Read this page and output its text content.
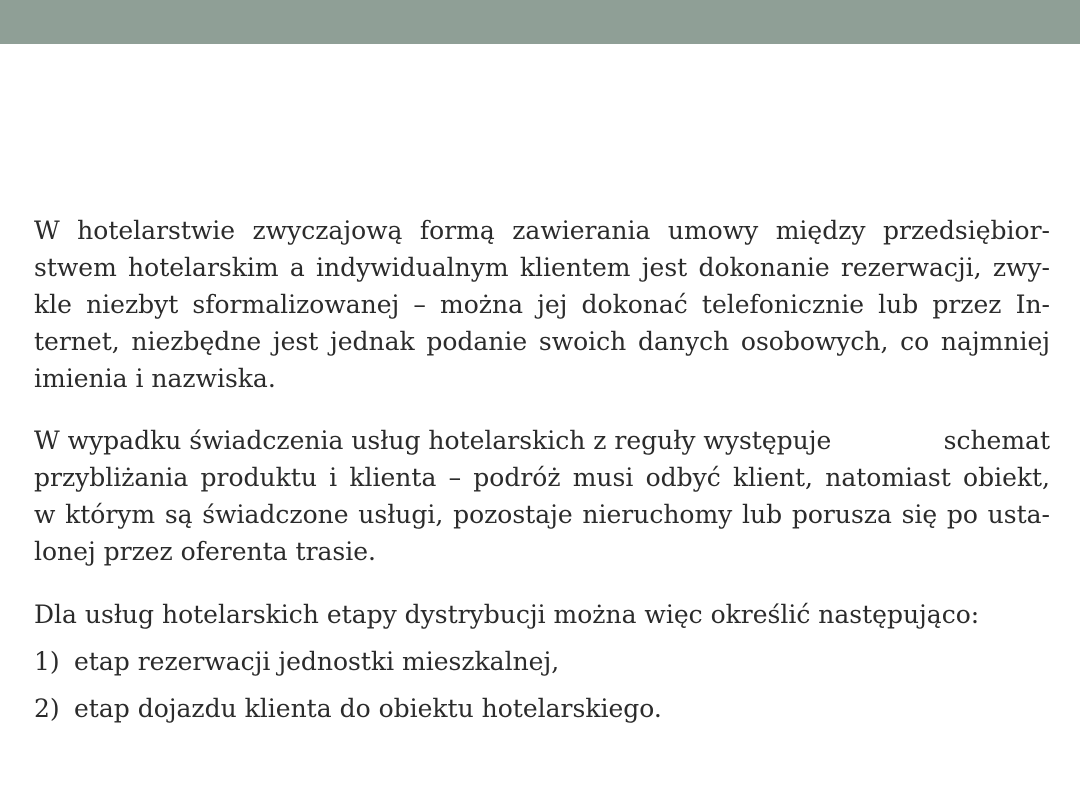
W hotelarstwie zwyczajową formą zawierania umowy między przedsiębior-
stwem hotelarskim a indywidualnym klientem jest dokonanie rezerwacji, zwy-
kle niezbyt sformalizowanej – można jej dokonać telefonicznie lub przez In-
ternet, niezbędne jest jednak podanie swoich danych osobowych, co najmniej
imienia i nazwiska.
W wypadku świadczenia usług hotelarskich z reguły występuje	schemat
przybliżania produktu i klienta – podróż musi odbyć klient, natomiast obiekt,
w którym są świadczone usługi, pozostaje nieruchomy lub porusza się po usta-
lonej przez oferenta trasie.
Dla usług hotelarskich etapy dystrybucji można więc określić następująco:
1) etap rezerwacji jednostki mieszkalnej,
2) etap dojazdu klienta do obiektu hotelarskiego.
